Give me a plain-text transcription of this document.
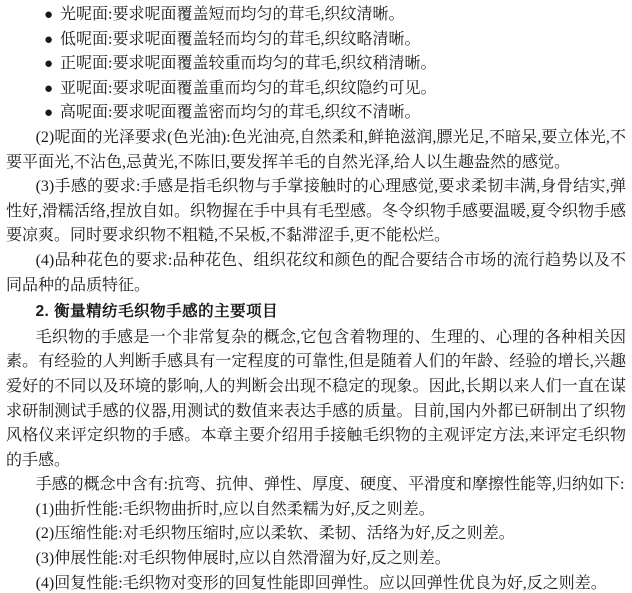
● 光呢面:要求呢面覆盖短而均匀的茸毛,织纹清晰。
● 低呢面:要求呢面覆盖轻而均匀的茸毛,织纹略清晰。
● 正呢面:要求呢面覆盖较重而均匀的茸毛,织纹稍清晰。
● 亚呢面:要求呢面覆盖重而均匀的茸毛,织纹隐约可见。
● 高呢面:要求呢面覆盖密而均匀的茸毛,织纹不清晰。

(2)呢面的光泽要求(色光油):色光油亮,自然柔和,鲜艳滋润,膘光足,不暗呆,要立体光,不要平面光,不沾色,忌黄光,不陈旧,要发挥羊毛的自然光泽,给人以生趣盎然的感觉。

(3)手感的要求:手感是指毛织物与手掌接触时的心理感觉,要求柔韧丰满,身骨结实,弹性好,滑糯活络,捏放自如。织物握在手中具有毛型感。冬令织物手感要温暖,夏令织物手感要凉爽。同时要求织物不粗糙,不呆板,不黏滞涩手,更不能松烂。

(4)品种花色的要求:品种花色、组织花纹和颜色的配合要结合市场的流行趋势以及不同品种的品质特征。

2. 衡量精纺毛织物手感的主要项目

毛织物的手感是一个非常复杂的概念,它包含着物理的、生理的、心理的各种相关因素。有经验的人判断手感具有一定程度的可靠性,但是随着人们的年龄、经验的增长,兴趣爱好的不同以及环境的影响,人的判断会出现不稳定的现象。因此,长期以来人们一直在谋求研制测试手感的仪器,用测试的数值来表达手感的质量。目前,国内外都已研制出了织物风格仪来评定织物的手感。本章主要介绍用手接触毛织物的主观评定方法,来评定毛织物的手感。

手感的概念中含有:抗弯、抗伸、弹性、厚度、硬度、平滑度和摩擦性能等,归纳如下:

(1)曲折性能:毛织物曲折时,应以自然柔糯为好,反之则差。

(2)压缩性能:对毛织物压缩时,应以柔软、柔韧、活络为好,反之则差。

(3)伸展性能:对毛织物伸展时,应以自然滑溜为好,反之则差。

(4)回复性能:毛织物对变形的回复性能即回弹性。应以回弹性优良为好,反之则差。
